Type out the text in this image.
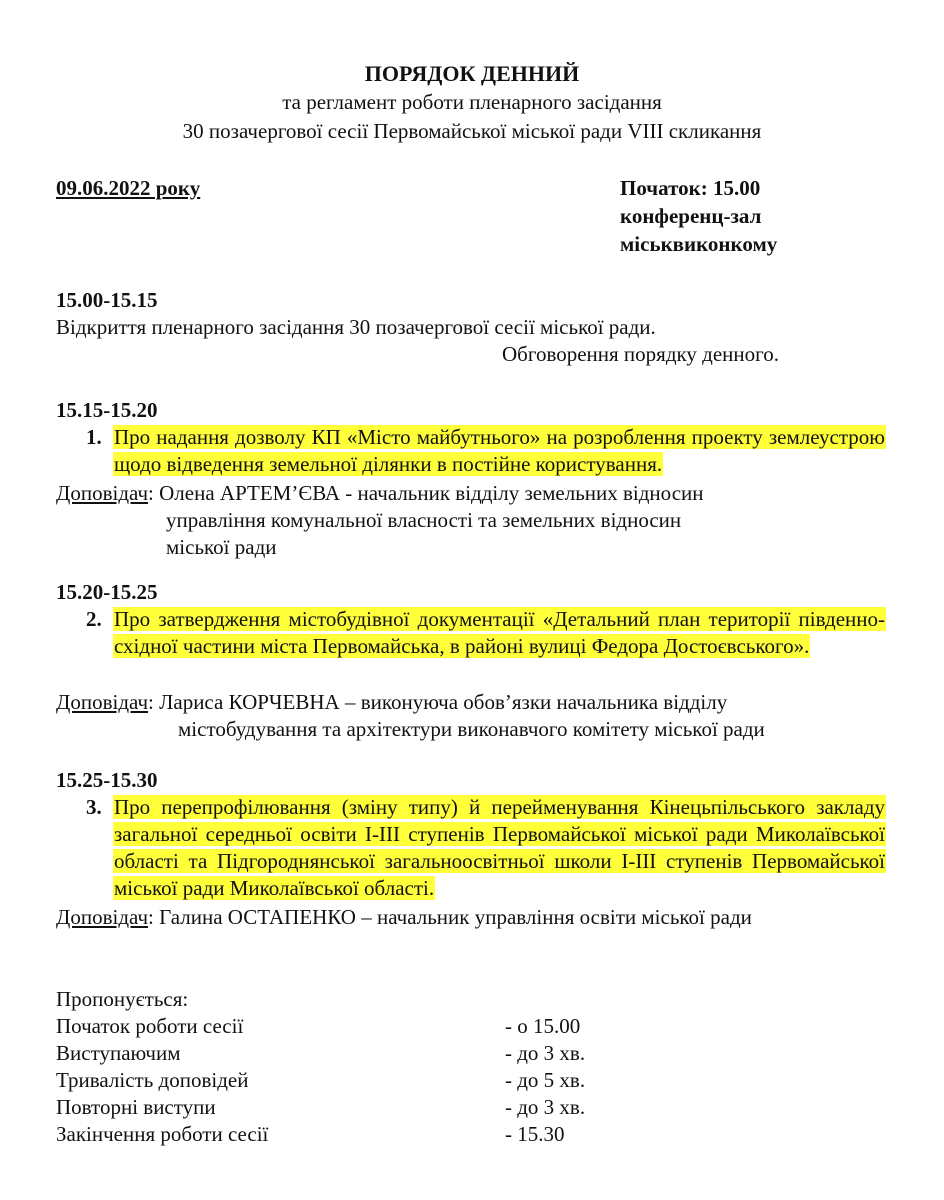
ПОРЯДОК ДЕННИЙ
та регламент роботи пленарного засідання
30 позачергової сесії Первомайської міської ради VIII скликання
09.06.2022 року	Початок: 15.00
конференц-зал
міськвиконкому
15.00-15.15
Відкриття пленарного засідання 30 позачергової сесії міської ради.
Обговорення порядку денного.
15.15-15.20
1. Про надання дозволу КП «Місто майбутнього» на розроблення проекту землеустрою щодо відведення земельної ділянки в постійне користування.
Доповідач: Олена АРТЕМ’ЄВА - начальник відділу земельних відносин
управління комунальної власності та земельних відносин
міської ради
15.20-15.25
2. Про затвердження містобудівної документації «Детальний план території південно-східної частини міста Первомайська, в районі вулиці Федора Достоєвського».
Доповідач: Лариса КОРЧЕВНА – виконуюча обов’язки начальника відділу
містобудування та архітектури виконавчого комітету міської ради
15.25-15.30
3. Про перепрофілювання (зміну типу) й перейменування Кінецьпільського закладу загальної середньої освіти І-ІІІ ступенів Первомайської міської ради Миколаївської області та Підгороднянської загальноосвітньої школи І-ІІІ ступенів Первомайської міської ради Миколаївської області.
Доповідач: Галина ОСТАПЕНКО – начальник управління освіти міської ради
Пропонується:
Початок роботи сесії	- о 15.00
Виступаючим	- до 3 хв.
Тривалість доповідей	- до 5 хв.
Повторні виступи	- до 3 хв.
Закінчення роботи сесії	- 15.30
